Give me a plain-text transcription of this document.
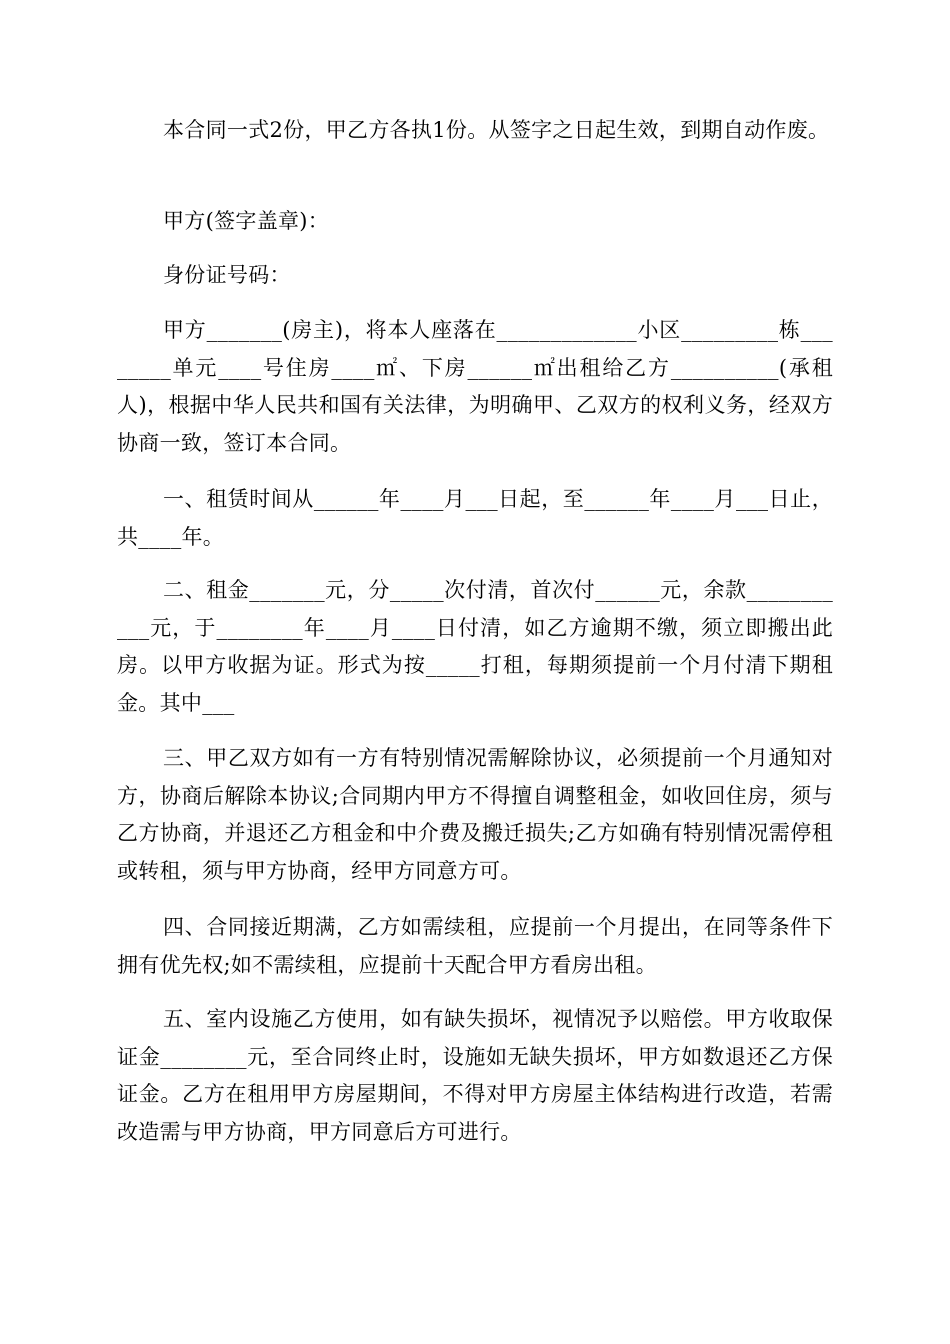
本合同一式2份，甲乙方各执1份。从签字之日起生效，到期自动作废。

甲方(签字盖章)：

身份证号码：

甲方_______(房主)，将本人座落在_____________小区_________栋________单元____号住房____㎡、下房______㎡出租给乙方__________(承租人)，根据中华人民共和国有关法律，为明确甲、乙双方的权利义务，经双方协商一致，签订本合同。

一、租赁时间从______年____月___日起，至______年____月___日止，共____年。

二、租金_______元，分_____次付清，首次付______元，余款___________元，于________年____月____日付清，如乙方逾期不缴，须立即搬出此房。以甲方收据为证。形式为按_____打租，每期须提前一个月付清下期租金。其中___

三、甲乙双方如有一方有特别情况需解除协议，必须提前一个月通知对方，协商后解除本协议;合同期内甲方不得擅自调整租金，如收回住房，须与乙方协商，并退还乙方租金和中介费及搬迁损失;乙方如确有特别情况需停租或转租，须与甲方协商，经甲方同意方可。

四、合同接近期满，乙方如需续租，应提前一个月提出，在同等条件下拥有优先权;如不需续租，应提前十天配合甲方看房出租。

五、室内设施乙方使用，如有缺失损坏，视情况予以赔偿。甲方收取保证金________元，至合同终止时，设施如无缺失损坏，甲方如数退还乙方保证金。乙方在租用甲方房屋期间，不得对甲方房屋主体结构进行改造，若需改造需与甲方协商，甲方同意后方可进行。
